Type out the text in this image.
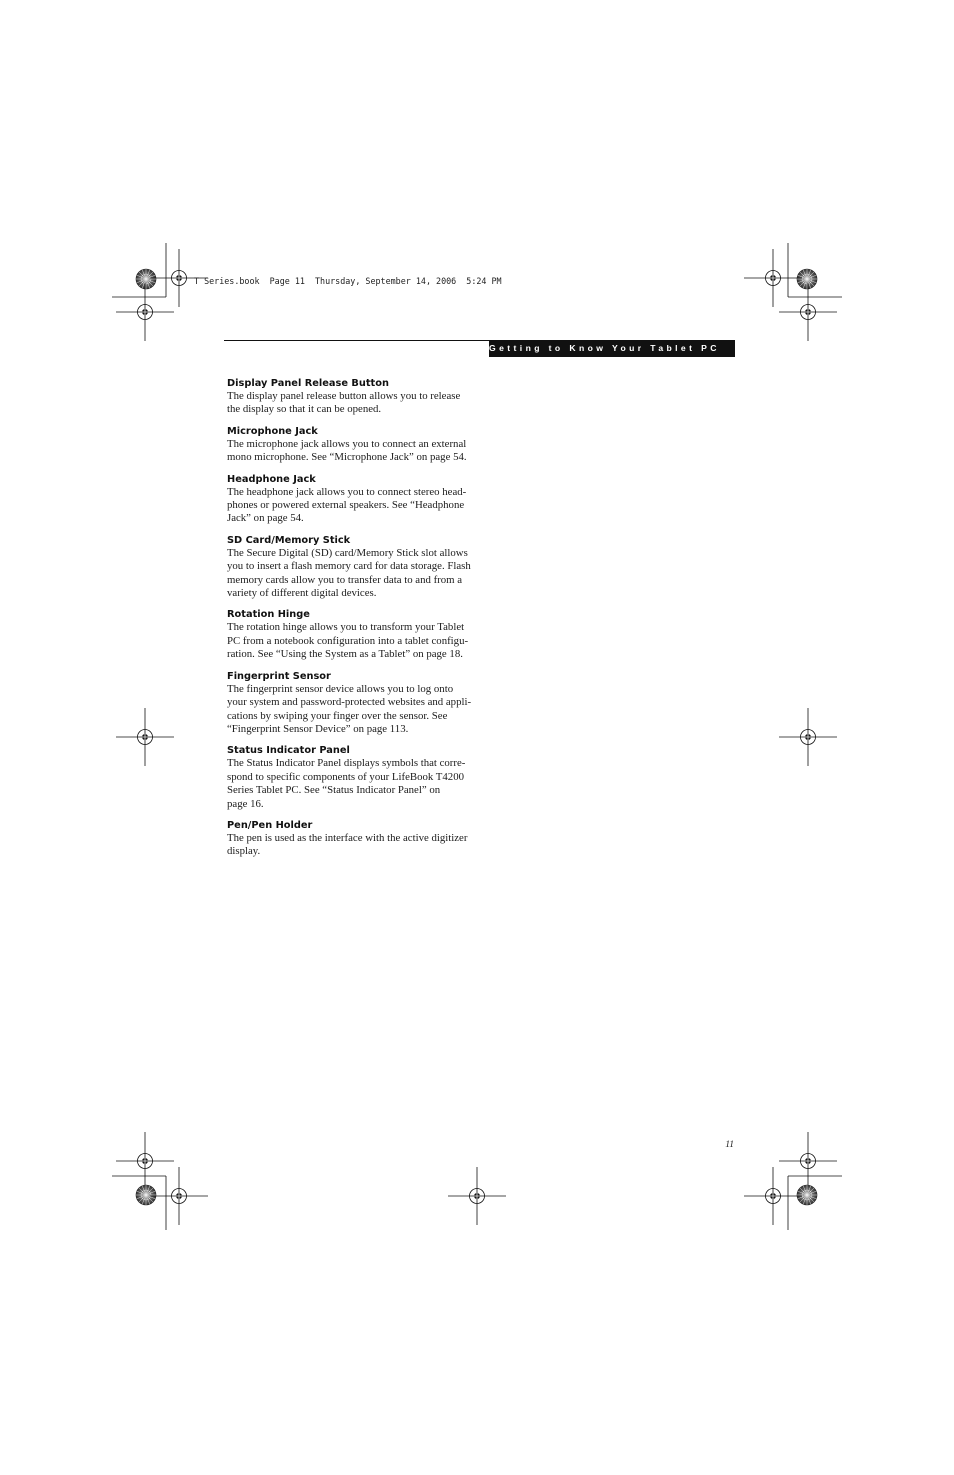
T Series.book  Page 11  Thursday, September 14, 2006  5:24 PM
Getting to Know Your Tablet PC
Display Panel Release Button

The display panel release button allows you to release
the display so that it can be opened.

Microphone Jack

The microphone jack allows you to connect an external
mono microphone. See “Microphone Jack” on page 54.

Headphone Jack

The headphone jack allows you to connect stereo head-
phones or powered external speakers. See “Headphone
Jack” on page 54.

SD Card/Memory Stick

The Secure Digital (SD) card/Memory Stick slot allows
you to insert a flash memory card for data storage. Flash
memory cards allow you to transfer data to and from a
variety of different digital devices.

Rotation Hinge

The rotation hinge allows you to transform your Tablet
PC from a notebook configuration into a tablet configu-
ration. See “Using the System as a Tablet” on page 18.

Fingerprint Sensor

The fingerprint sensor device allows you to log onto
your system and password-protected websites and appli-
cations by swiping your finger over the sensor. See
“Fingerprint Sensor Device” on page 113.

Status Indicator Panel

The Status Indicator Panel displays symbols that corre-
spond to specific components of your LifeBook T4200
Series Tablet PC. See “Status Indicator Panel” on
page 16.

Pen/Pen Holder

The pen is used as the interface with the active digitizer
display.

11
